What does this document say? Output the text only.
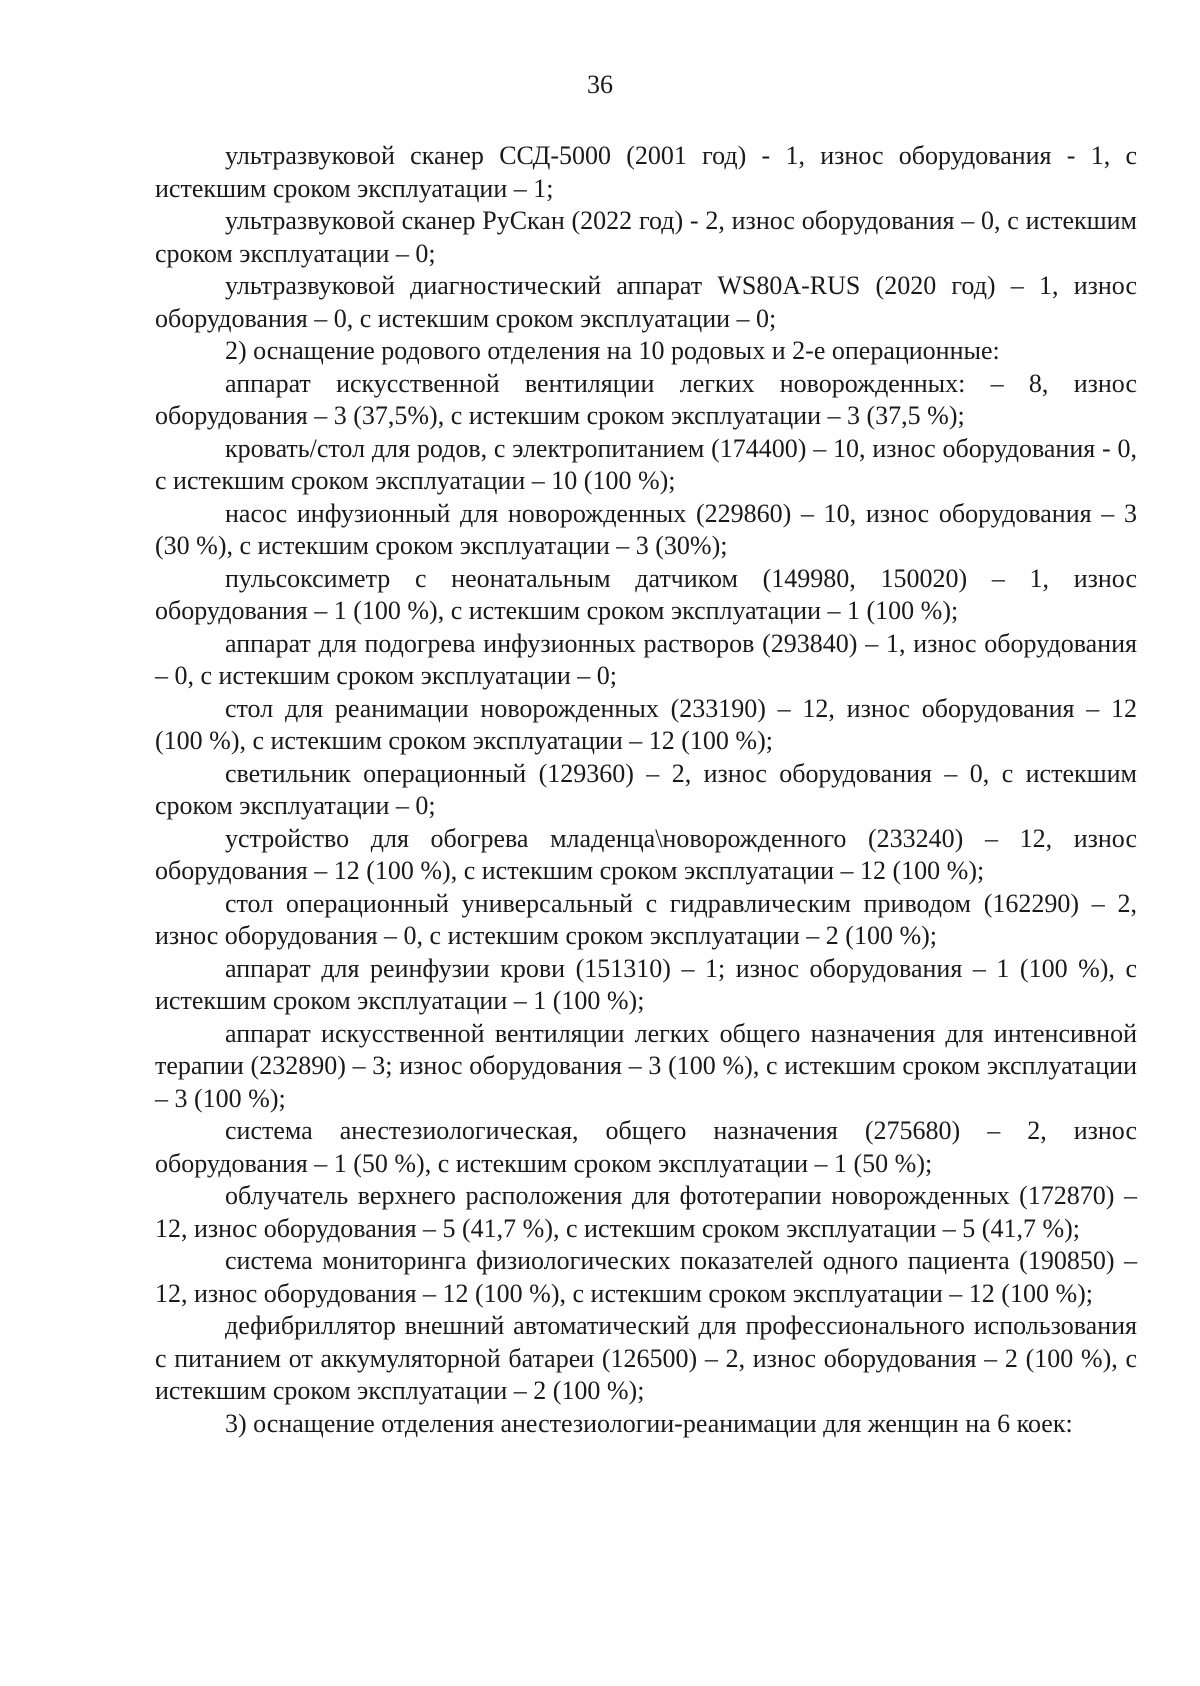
36

ультразвуковой сканер ССД-5000 (2001 год) - 1, износ оборудования - 1, с истекшим сроком эксплуатации – 1;

ультразвуковой сканер РуСкан (2022 год) - 2, износ оборудования – 0, с истекшим сроком эксплуатации – 0;

ультразвуковой диагностический аппарат WS80A-RUS (2020 год) – 1, износ оборудования – 0, с истекшим сроком эксплуатации – 0;

2) оснащение родового отделения на 10 родовых и 2-е операционные:

аппарат искусственной вентиляции легких новорожденных: – 8, износ оборудования – 3 (37,5%), с истекшим сроком эксплуатации – 3 (37,5 %);

кровать/стол для родов, с электропитанием (174400) – 10, износ оборудования - 0, с истекшим сроком эксплуатации – 10 (100 %);

насос инфузионный для новорожденных (229860) – 10, износ оборудования – 3 (30 %), с истекшим сроком эксплуатации – 3 (30%);

пульсоксиметр с неонатальным датчиком (149980, 150020) – 1, износ оборудования – 1 (100 %), с истекшим сроком эксплуатации – 1 (100 %);

аппарат для подогрева инфузионных растворов (293840) – 1, износ оборудования – 0, с истекшим сроком эксплуатации – 0;

стол для реанимации новорожденных (233190) – 12, износ оборудования – 12 (100 %), с истекшим сроком эксплуатации – 12 (100 %);

светильник операционный (129360) – 2, износ оборудования – 0, с истекшим сроком эксплуатации – 0;

устройство для обогрева младенца\новорожденного (233240) – 12, износ оборудования – 12 (100 %), с истекшим сроком эксплуатации – 12 (100 %);

стол операционный универсальный с гидравлическим приводом (162290) – 2, износ оборудования – 0, с истекшим сроком эксплуатации – 2 (100 %);

аппарат для реинфузии крови (151310) – 1; износ оборудования – 1 (100 %), с истекшим сроком эксплуатации – 1 (100 %);

аппарат искусственной вентиляции легких общего назначения для интенсивной терапии (232890) – 3; износ оборудования – 3 (100 %), с истекшим сроком эксплуатации – 3 (100 %);

система анестезиологическая, общего назначения (275680) – 2, износ оборудования – 1 (50 %), с истекшим сроком эксплуатации – 1 (50 %);

облучатель верхнего расположения для фототерапии новорожденных (172870) – 12, износ оборудования – 5 (41,7 %), с истекшим сроком эксплуатации – 5 (41,7 %);

система мониторинга физиологических показателей одного пациента (190850) – 12, износ оборудования – 12 (100 %), с истекшим сроком эксплуатации – 12 (100 %);

дефибриллятор внешний автоматический для профессионального использования с питанием от аккумуляторной батареи (126500) – 2, износ оборудования – 2 (100 %), с истекшим сроком эксплуатации – 2 (100 %);

3) оснащение отделения анестезиологии-реанимации для женщин на 6 коек:
